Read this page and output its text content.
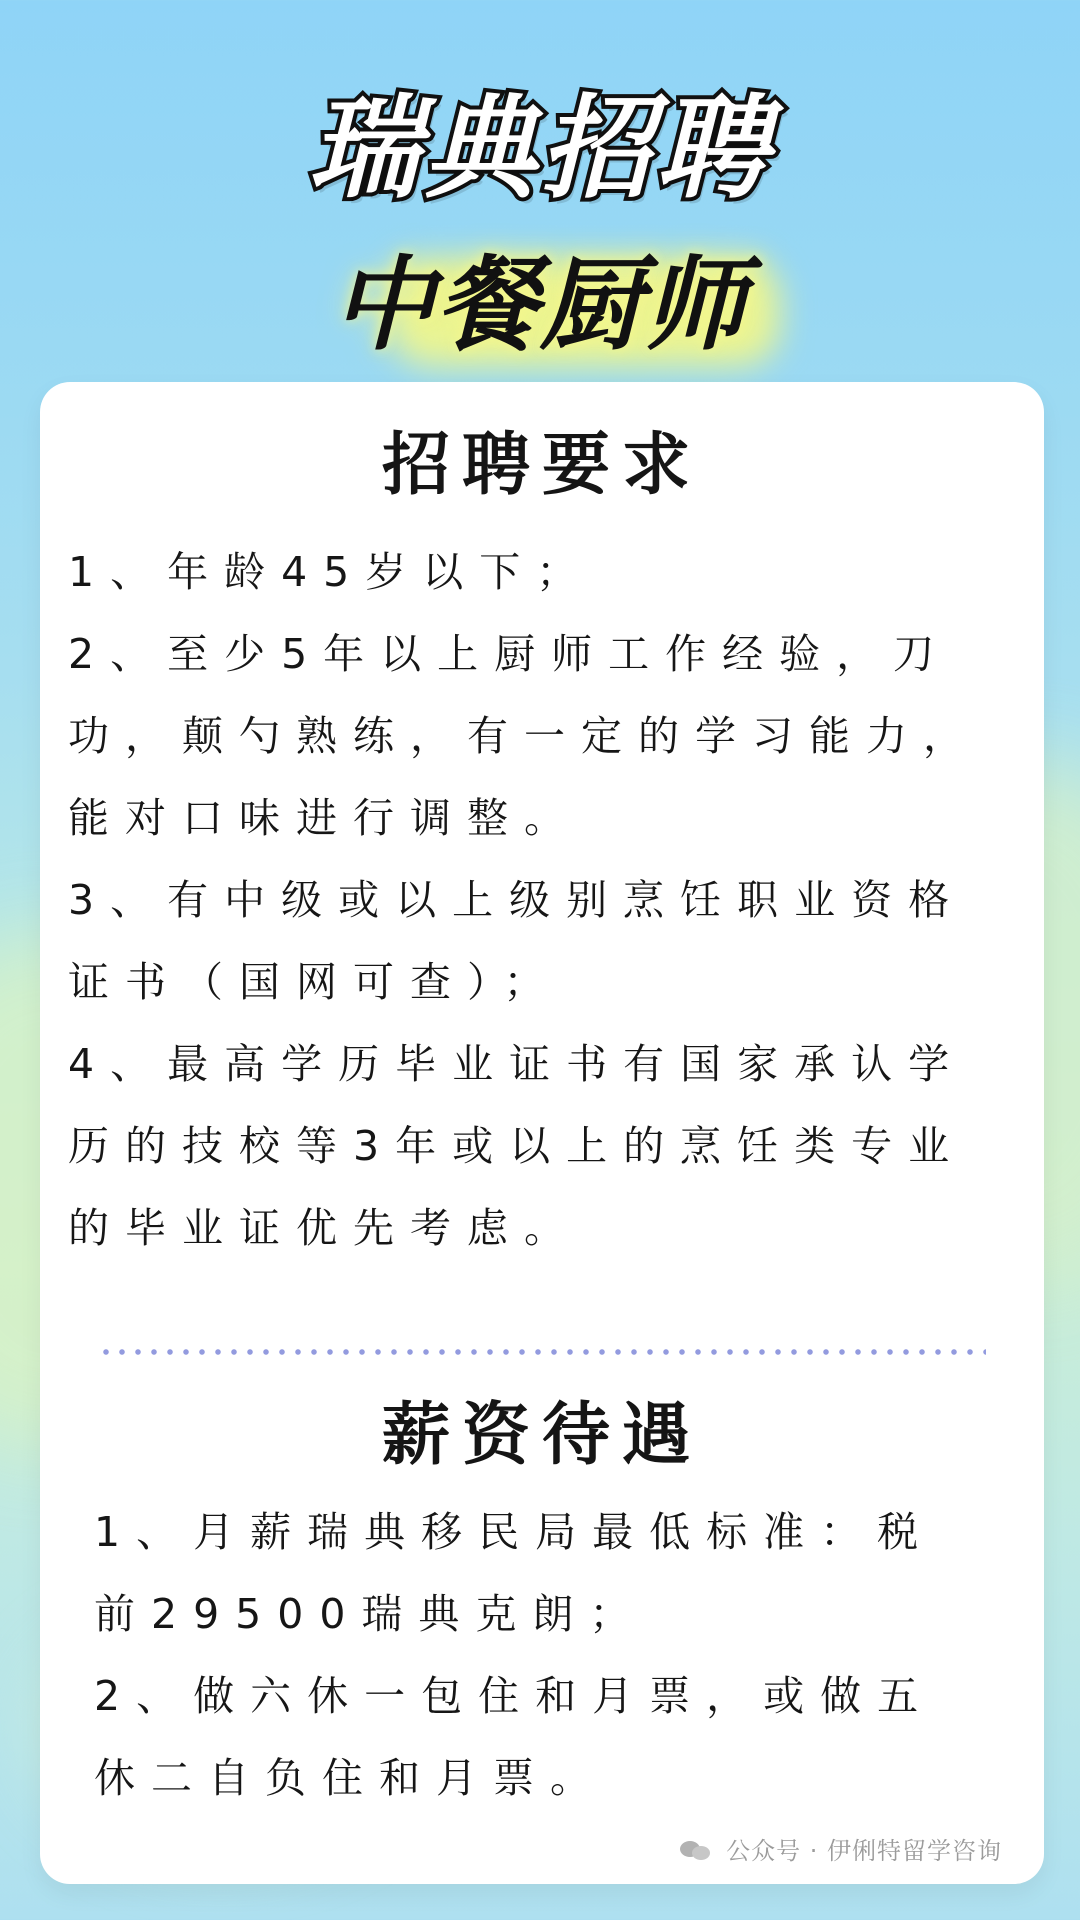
瑞典招聘
中餐厨师
招聘要求
1、年龄45岁以下；
2、至少5年以上厨师工作经验，刀
功，颠勺熟练，有一定的学习能力，
能对口味进行调整。
3、有中级或以上级别烹饪职业资格
证书（国网可查）；
4、最高学历毕业证书有国家承认学
历的技校等3年或以上的烹饪类专业
的毕业证优先考虑。
薪资待遇
1、月薪瑞典移民局最低标准：税
前29500瑞典克朗；
2、做六休一包住和月票，或做五
休二自负住和月票。
公众号 · 伊俐特留学咨询
